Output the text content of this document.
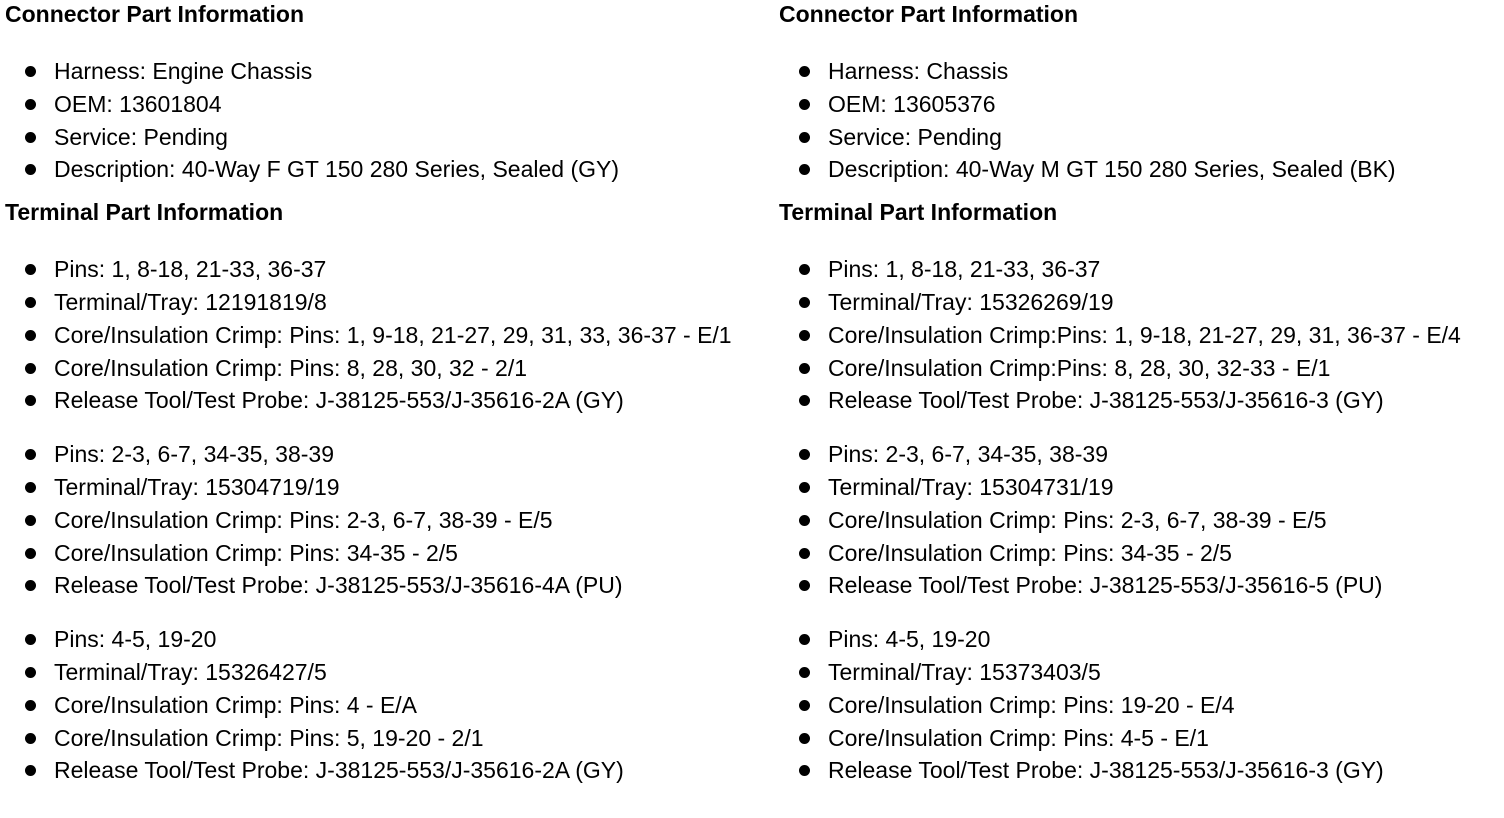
Connector Part Information
Harness: Engine Chassis
OEM: 13601804
Service: Pending
Description: 40-Way F GT 150 280 Series, Sealed (GY)
Terminal Part Information
Pins: 1, 8-18, 21-33, 36-37
Terminal/Tray: 12191819/8
Core/Insulation Crimp: Pins: 1, 9-18, 21-27, 29, 31, 33, 36-37 - E/1
Core/Insulation Crimp: Pins: 8, 28, 30, 32 - 2/1
Release Tool/Test Probe: J-38125-553/J-35616-2A (GY)
Pins: 2-3, 6-7, 34-35, 38-39
Terminal/Tray: 15304719/19
Core/Insulation Crimp: Pins: 2-3, 6-7, 38-39 - E/5
Core/Insulation Crimp: Pins: 34-35 - 2/5
Release Tool/Test Probe: J-38125-553/J-35616-4A (PU)
Pins: 4-5, 19-20
Terminal/Tray: 15326427/5
Core/Insulation Crimp: Pins: 4 - E/A
Core/Insulation Crimp: Pins: 5, 19-20 - 2/1
Release Tool/Test Probe: J-38125-553/J-35616-2A (GY)
Connector Part Information
Harness: Chassis
OEM: 13605376
Service: Pending
Description: 40-Way M GT 150 280 Series, Sealed (BK)
Terminal Part Information
Pins: 1, 8-18, 21-33, 36-37
Terminal/Tray: 15326269/19
Core/Insulation Crimp:Pins: 1, 9-18, 21-27, 29, 31, 36-37 - E/4
Core/Insulation Crimp:Pins: 8, 28, 30, 32-33 - E/1
Release Tool/Test Probe: J-38125-553/J-35616-3 (GY)
Pins: 2-3, 6-7, 34-35, 38-39
Terminal/Tray: 15304731/19
Core/Insulation Crimp: Pins: 2-3, 6-7, 38-39 - E/5
Core/Insulation Crimp: Pins: 34-35 - 2/5
Release Tool/Test Probe: J-38125-553/J-35616-5 (PU)
Pins: 4-5, 19-20
Terminal/Tray: 15373403/5
Core/Insulation Crimp: Pins: 19-20 - E/4
Core/Insulation Crimp: Pins: 4-5 - E/1
Release Tool/Test Probe: J-38125-553/J-35616-3 (GY)
